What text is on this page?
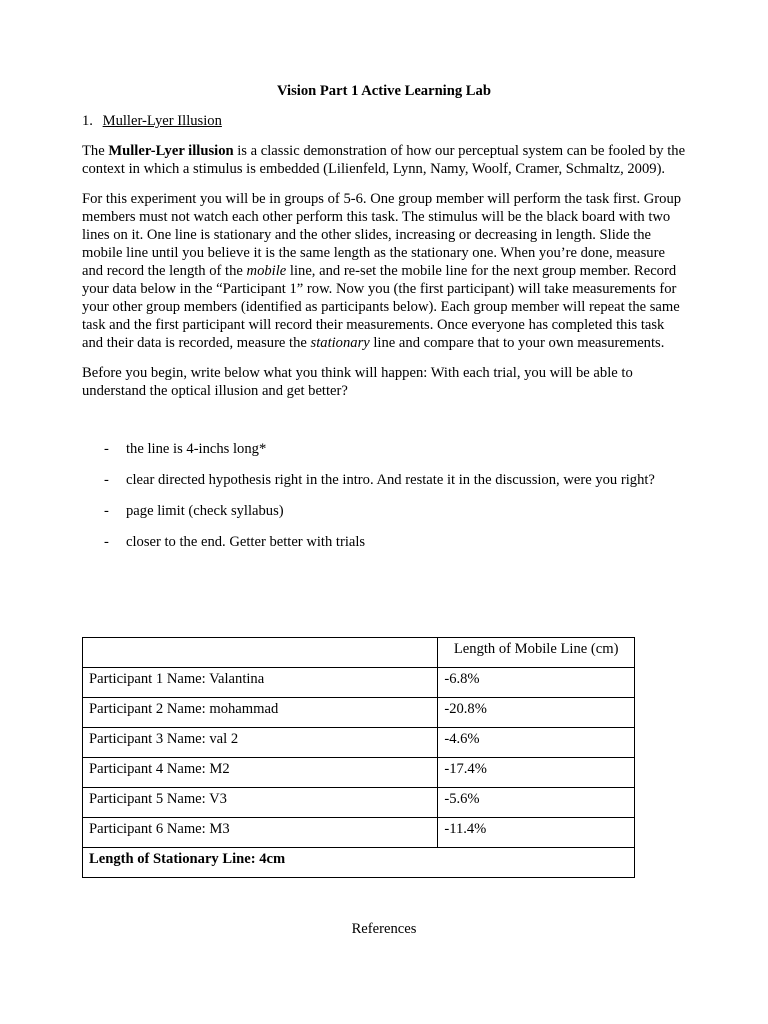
Vision Part 1 Active Learning Lab
1. Muller-Lyer Illusion

The Muller-Lyer illusion is a classic demonstration of how our perceptual system can be fooled by the context in which a stimulus is embedded (Lilienfeld, Lynn, Namy, Woolf, Cramer, Schmaltz, 2009).

For this experiment you will be in groups of 5-6. One group member will perform the task first. Group members must not watch each other perform this task. The stimulus will be the black board with two lines on it. One line is stationary and the other slides, increasing or decreasing in length. Slide the mobile line until you believe it is the same length as the stationary one. When you’re done, measure and record the length of the mobile line, and re-set the mobile line for the next group member. Record your data below in the “Participant 1” row. Now you (the first participant) will take measurements for your other group members (identified as participants below). Each group member will repeat the same task and the first participant will record their measurements. Once everyone has completed this task and their data is recorded, measure the stationary line and compare that to your own measurements.

Before you begin, write below what you think will happen: With each trial, you will be able to understand the optical illusion and get better?

- the line is 4-inchs long*
- clear directed hypothesis right in the intro. And restate it in the discussion, were you right?
- page limit (check syllabus)
- closer to the end. Getter better with trials
	Length of Mobile Line (cm)
Participant 1 Name: Valantina	-6.8%
Participant 2 Name: mohammad	-20.8%
Participant 3 Name: val 2	-4.6%
Participant 4 Name: M2	-17.4%
Participant 5 Name: V3	-5.6%
Participant 6 Name: M3	-11.4%
Length of Stationary Line: 4cm	
References
